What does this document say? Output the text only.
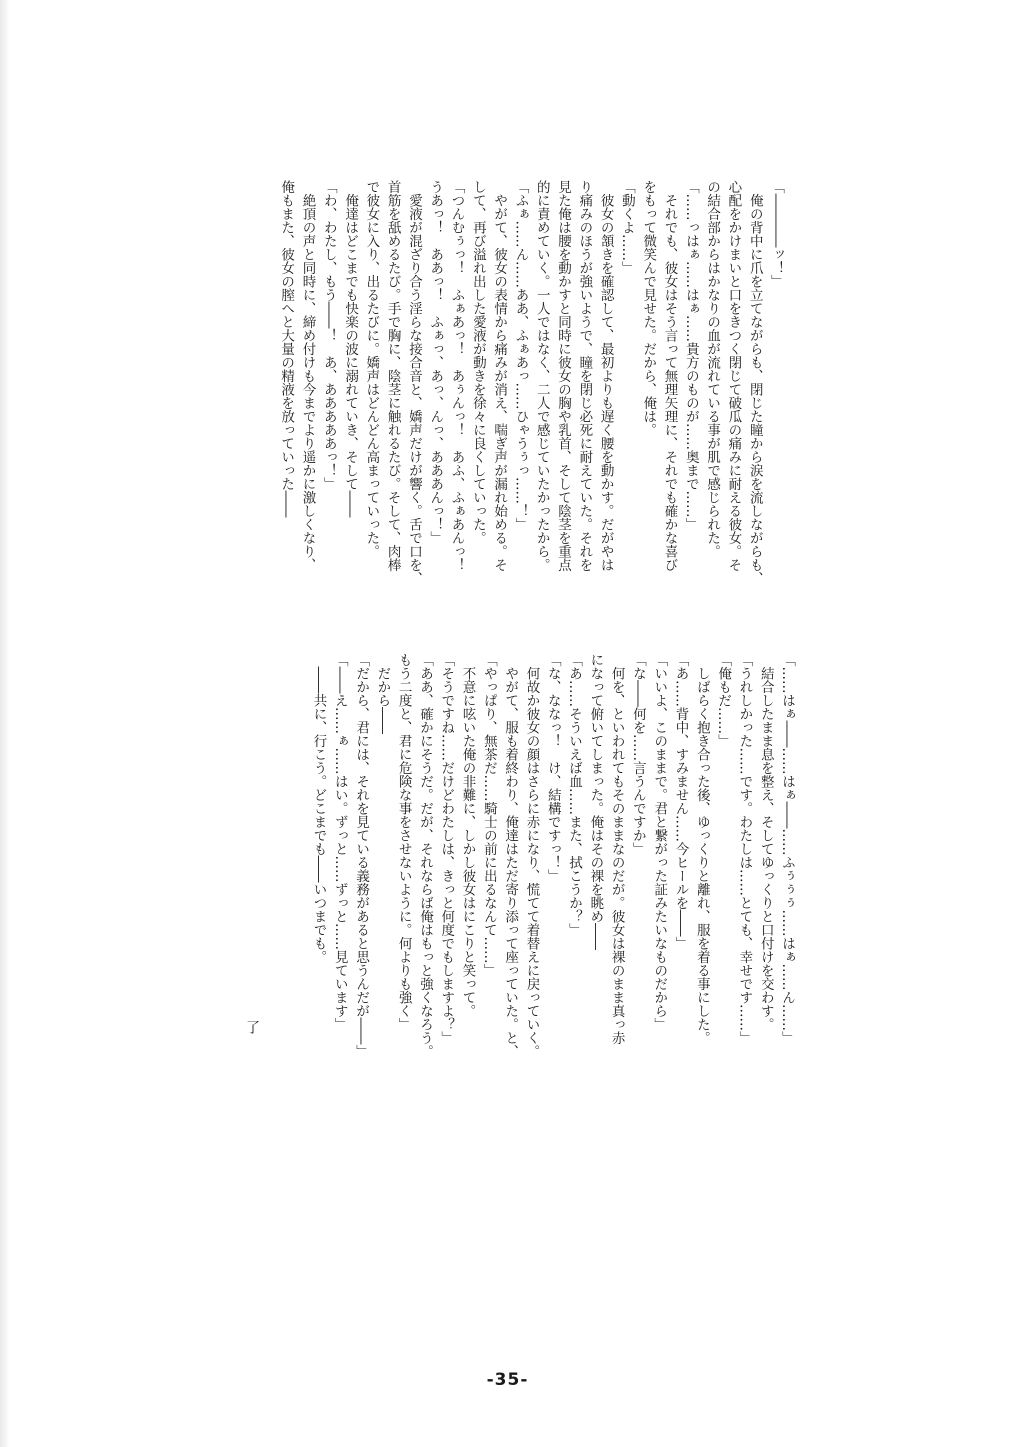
「――――ッ！」
　俺の背中に爪を立てながらも、閉じた瞳から涙を流しながらも、
心配をかけまいと口をきつく閉じて破瓜の痛みに耐える彼女。そ
の結合部からはかなりの血が流れている事が肌で感じられた。
「……っはぁ……はぁ……貴方のものが……奥まで……」
　それでも、彼女はそう言って無理矢理に、それでも確かな喜び
をもって微笑んで見せた。だから、俺は。
「動くよ……」
　彼女の頷きを確認して、最初よりも遅く腰を動かす。だがやは
り痛みのほうが強いようで、瞳を閉じ必死に耐えていた。それを
見た俺は腰を動かすと同時に彼女の胸や乳首、そして陰茎を重点
的に責めていく。一人ではなく、二人で感じていたかったから。
「ふぁ……ん……ああ、ふぁあっ……ひゃうぅっ……！」
　やがて、彼女の表情から痛みが消え、喘ぎ声が漏れ始める。そ
して、再び溢れ出した愛液が動きを徐々に良くしていった。
「つんむぅっ！　ふぁあっ！　あぅんっ！　あふ、ふぁあんっ！
うあっ！　ああっ！　ふぁっ、あっ、んっ、あああんっ！」
　愛液が混ざり合う淫らな接合音と、嬌声だけが響く。舌で口を、
首筋を舐めるたび。手で胸に、陰茎に触れるたび。そして、肉棒
で彼女に入り、出るたびに。嬌声はどんどん高まっていった。
　俺達はどこまでも快楽の波に溺れていき、そして――
「わ、わたし、もう――！　あ、あああああっ！」
　絶頂の声と同時に、締め付けも今までより遥かに激しくなり、
俺もまた、彼女の膣へと大量の精液を放っていった――
「……はぁ――……はぁ――……ふぅぅぅ……はぁ……ん……」
　結合したまま息を整え、そしてゆっくりと口付けを交わす。
「うれしかった……です。わたしは……とても、幸せです……」
「俺もだ……」
　しばらく抱き合った後、ゆっくりと離れ、服を着る事にした。
「あ……背中、すみません……今ヒールを――」
「いいよ、このままで。君と繋がった証みたいなものだから」
「な――何を……言うんですか」
　何を、といわれてもそのままなのだが。彼女は裸のまま真っ赤
になって俯いてしまった。俺はその裸を眺め――
「あ……そういえば血……また、拭こうか？」
「な、ななっ！　け、結構ですっ！」
　何故か彼女の顔はさらに赤になり、慌てて着替えに戻っていく。
　やがて、服も着終わり、俺達はただ寄り添って座っていた。と、
「やっぱり、無茶だ……騎士の前に出るなんて……」
　不意に呟いた俺の非難に、しかし彼女はにこりと笑って。
「そうですね……だけどわたしは、きっと何度でもしますよ？」
「ああ、確かにそうだ。だが、それならば俺はもっと強くなろう。
もう二度と、君に危険な事をさせないように。何よりも強く」
　だから――
「だから、君には、それを見ている義務があると思うんだが――」
「――え……ぁ……はい。ずっと……ずっと……見ています」
　――共に、行こう。どこまでも――いつまでも。
了
-35-
